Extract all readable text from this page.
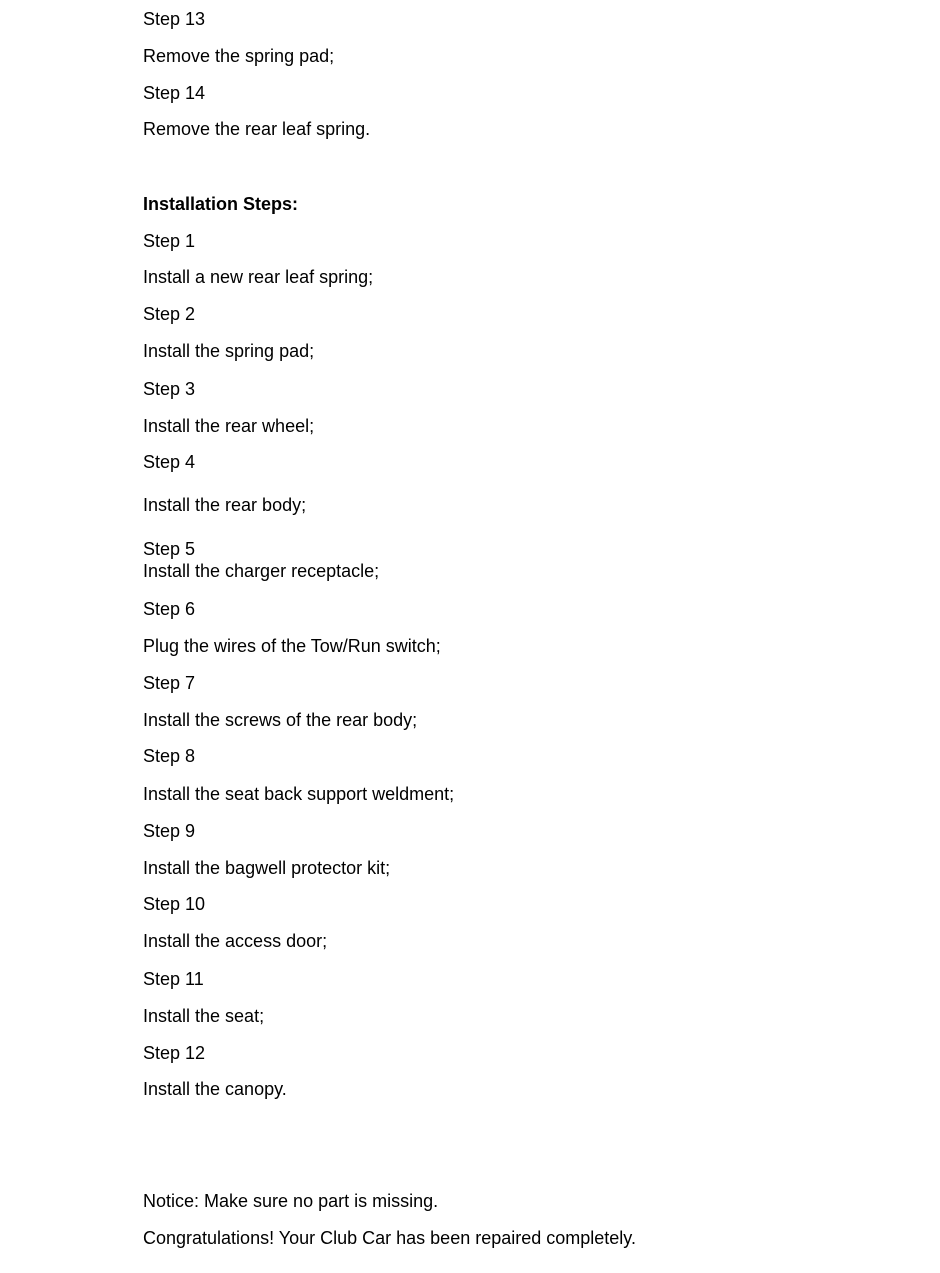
Step 13
Remove the spring pad;
Step 14
Remove the rear leaf spring.
Installation Steps:
Step 1
Install a new rear leaf spring;
Step 2
Install the spring pad;
Step 3
Install the rear wheel;
Step 4
Install the rear body;
Step 5
Install the charger receptacle;
Step 6
Plug the wires of the Tow/Run switch;
Step 7
Install the screws of the rear body;
Step 8
Install the seat back support weldment;
Step 9
Install the bagwell protector kit;
Step 10
Install the access door;
Step 11
Install the seat;
Step 12
Install the canopy.
Notice: Make sure no part is missing.
Congratulations! Your Club Car has been repaired completely.
